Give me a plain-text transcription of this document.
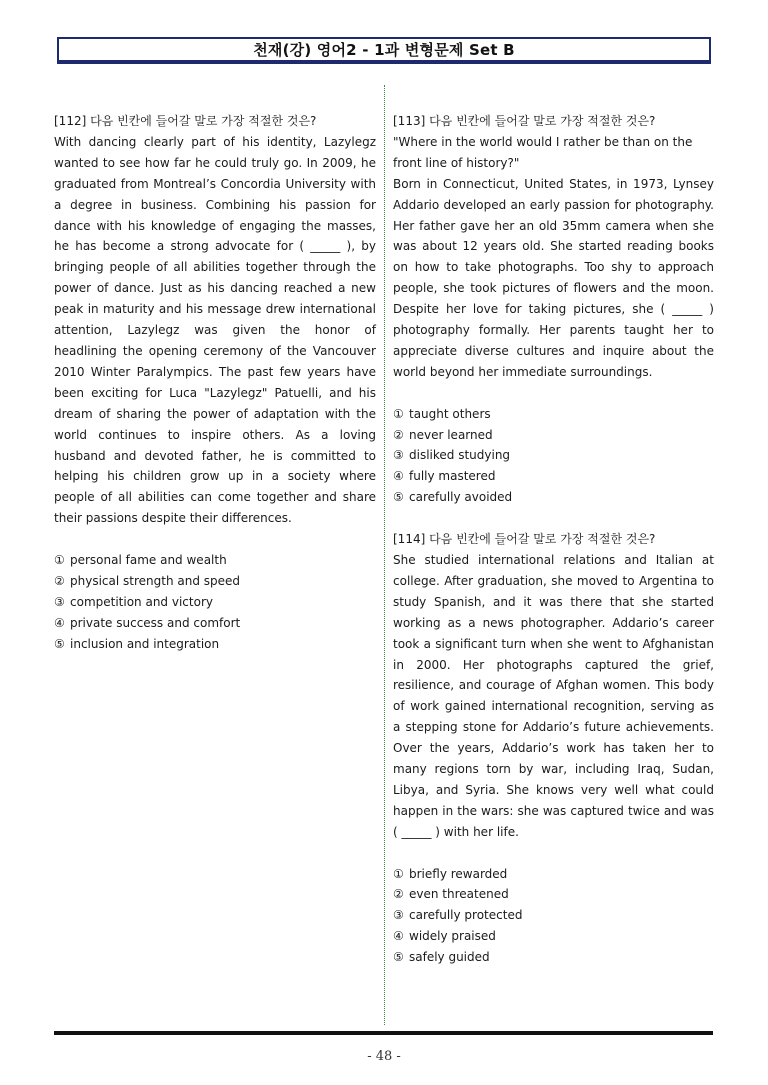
천재(강) 영어2 - 1과 변형문제 Set B
[112] 다음 빈칸에 들어갈 말로 가장 적절한 것은?
With dancing clearly part of his identity, Lazylegz wanted to see how far he could truly go. In 2009, he graduated from Montreal’s Concordia University with a degree in business. Combining his passion for dance with his knowledge of engaging the masses, he has become a strong advocate for ( _____ ), by bringing people of all abilities together through the power of dance. Just as his dancing reached a new peak in maturity and his message drew international attention, Lazylegz was given the honor of headlining the opening ceremony of the Vancouver 2010 Winter Paralympics. The past few years have been exciting for Luca "Lazylegz" Patuelli, and his dream of sharing the power of adaptation with the world continues to inspire others. As a loving husband and devoted father, he is committed to helping his children grow up in a society where people of all abilities can come together and share their passions despite their differences.
① personal fame and wealth
② physical strength and speed
③ competition and victory
④ private success and comfort
⑤ inclusion and integration
[113] 다음 빈칸에 들어갈 말로 가장 적절한 것은?
"Where in the world would I rather be than on the front line of history?"
Born in Connecticut, United States, in 1973, Lynsey Addario developed an early passion for photography. Her father gave her an old 35mm camera when she was about 12 years old. She started reading books on how to take photographs. Too shy to approach people, she took pictures of flowers and the moon. Despite her love for taking pictures, she ( _____ ) photography formally. Her parents taught her to appreciate diverse cultures and inquire about the world beyond her immediate surroundings.
① taught others
② never learned
③ disliked studying
④ fully mastered
⑤ carefully avoided
[114] 다음 빈칸에 들어갈 말로 가장 적절한 것은?
She studied international relations and Italian at college. After graduation, she moved to Argentina to study Spanish, and it was there that she started working as a news photographer. Addario’s career took a significant turn when she went to Afghanistan in 2000. Her photographs captured the grief, resilience, and courage of Afghan women. This body of work gained international recognition, serving as a stepping stone for Addario’s future achievements. Over the years, Addario’s work has taken her to many regions torn by war, including Iraq, Sudan, Libya, and Syria. She knows very well what could happen in the wars: she was captured twice and was ( _____ ) with her life.
① briefly rewarded
② even threatened
③ carefully protected
④ widely praised
⑤ safely guided
- 48 -
